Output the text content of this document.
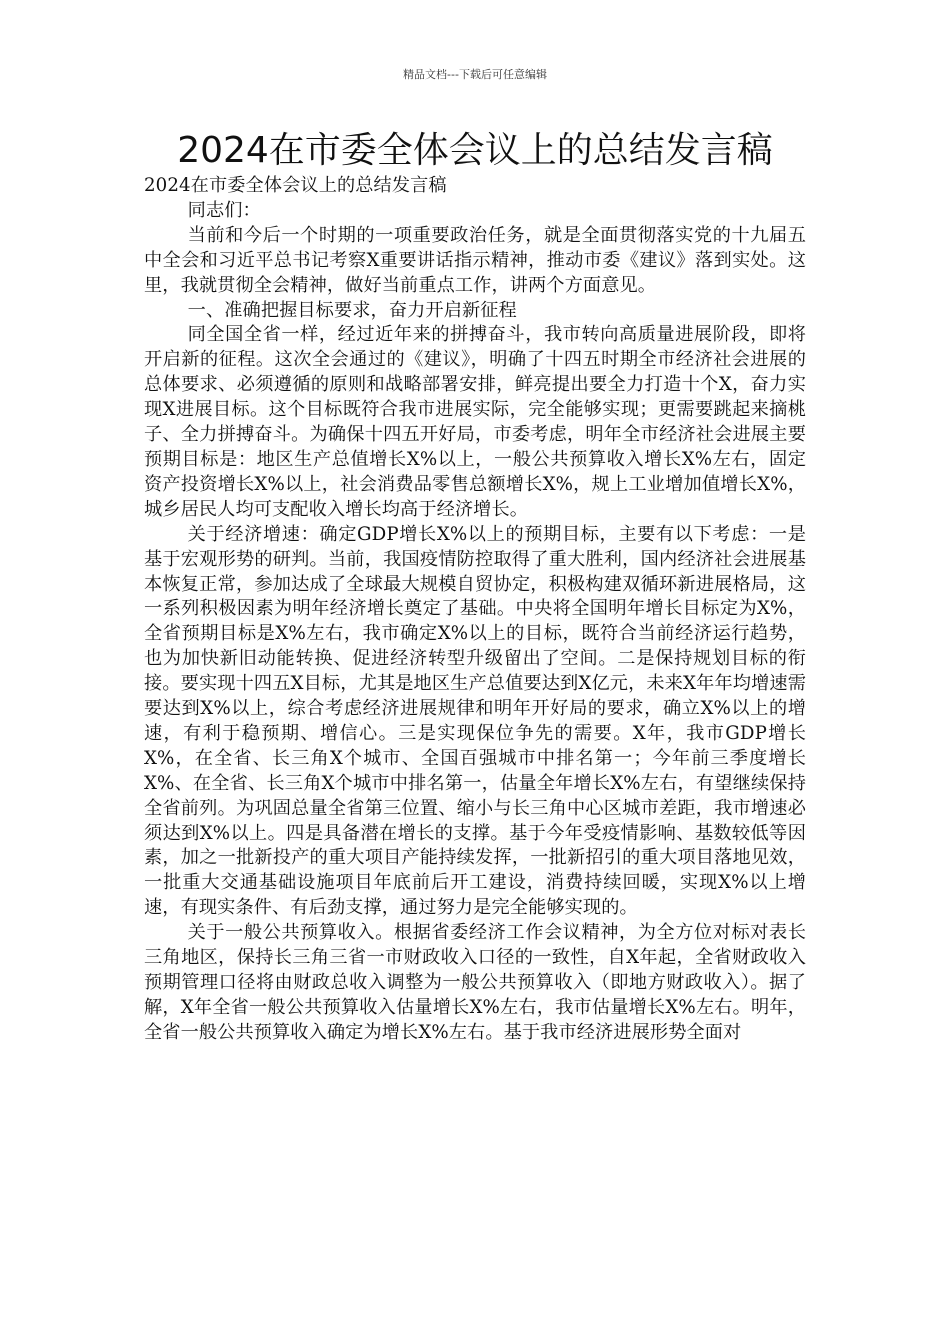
精品文档---下载后可任意编辑
2024在市委全体会议上的总结发言稿

2024在市委全体会议上的总结发言稿

同志们：

当前和今后一个时期的一项重要政治任务，就是全面贯彻落实党的十九届五中全会和习近平总书记考察X重要讲话指示精神，推动市委《建议》落到实处。这里，我就贯彻全会精神，做好当前重点工作，讲两个方面意见。

一、准确把握目标要求，奋力开启新征程

同全国全省一样，经过近年来的拼搏奋斗，我市转向高质量进展阶段，即将开启新的征程。这次全会通过的《建议》，明确了十四五时期全市经济社会进展的总体要求、必须遵循的原则和战略部署安排，鲜亮提出要全力打造十个X，奋力实现X进展目标。这个目标既符合我市进展实际，完全能够实现；更需要跳起来摘桃子、全力拼搏奋斗。为确保十四五开好局，市委考虑，明年全市经济社会进展主要预期目标是：地区生产总值增长X%以上，一般公共预算收入增长X%左右，固定资产投资增长X%以上，社会消费品零售总额增长X%，规上工业增加值增长X%，城乡居民人均可支配收入增长均高于经济增长。

关于经济增速：确定GDP增长X%以上的预期目标，主要有以下考虑：一是基于宏观形势的研判。当前，我国疫情防控取得了重大胜利，国内经济社会进展基本恢复正常，参加达成了全球最大规模自贸协定，积极构建双循环新进展格局，这一系列积极因素为明年经济增长奠定了基础。中央将全国明年增长目标定为X%，全省预期目标是X%左右，我市确定X%以上的目标，既符合当前经济运行趋势，也为加快新旧动能转换、促进经济转型升级留出了空间。二是保持规划目标的衔接。要实现十四五X目标，尤其是地区生产总值要达到X亿元，未来X年年均增速需要达到X%以上，综合考虑经济进展规律和明年开好局的要求，确立X%以上的增速，有利于稳预期、增信心。三是实现保位争先的需要。X年，我市GDP增长X%，在全省、长三角X个城市、全国百强城市中排名第一；今年前三季度增长X%、在全省、长三角X个城市中排名第一，估量全年增长X%左右，有望继续保持全省前列。为巩固总量全省第三位置、缩小与长三角中心区城市差距，我市增速必须达到X%以上。四是具备潜在增长的支撑。基于今年受疫情影响、基数较低等因素，加之一批新投产的重大项目产能持续发挥，一批新招引的重大项目落地见效，一批重大交通基础设施项目年底前后开工建设，消费持续回暖，实现X%以上增速，有现实条件、有后劲支撑，通过努力是完全能够实现的。

关于一般公共预算收入。根据省委经济工作会议精神，为全方位对标对表长三角地区，保持长三角三省一市财政收入口径的一致性，自X年起，全省财政收入预期管理口径将由财政总收入调整为一般公共预算收入（即地方财政收入）。据了解，X年全省一般公共预算收入估量增长X%左右，我市估量增长X%左右。明年，全省一般公共预算收入确定为增长X%左右。基于我市经济进展形势全面对
